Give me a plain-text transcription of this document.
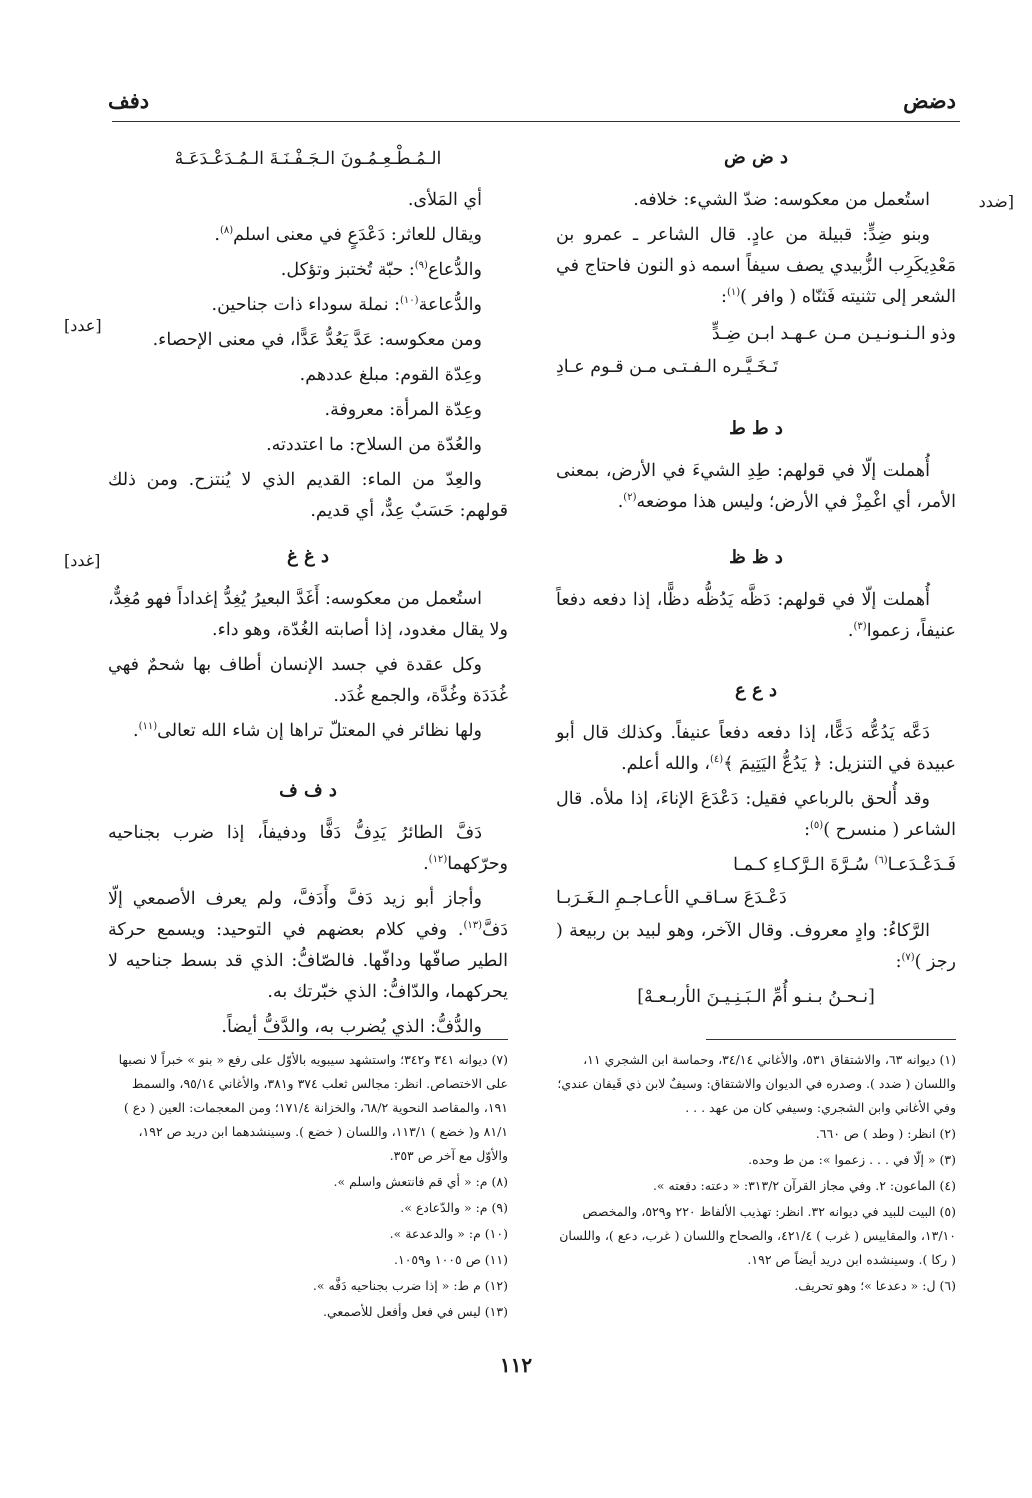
دضض
دفف
[ضدد
[عدد]
[غدد]
د ض ض

استُعمل من معكوسه: ضدّ الشيء: خلافه.

وبنو ضِدٍّ: قبيلة من عادٍ. قال الشاعر ـ عمرو بن مَعْدِيكَرِب الزُّبيدي يصف سيفاً اسمه ذو النون فاحتاج في الشعر إلى تثنيته فَثنّاه ( وافر )$^{(١)}$:

وذو الـنـونـيـن مـن عـهـد ابـن ضِـدٍّ
تَـخَـيَّـره الـفـتـى مـن قـوم عـادِ
د ط ط

أُهملت إلّا في قولهم: طِدِ الشيءَ في الأرض، بمعنى الأمر، أي اغْمِزْ في الأرض؛ وليس هذا موضعه$^{(٢)}$.

د ظ ظ

أُهملت إلّا في قولهم: دَظَّه يَدُظُّه دظًّا، إذا دفعه دفعاً عنيفاً، زعموا$^{(٣)}$.

د ع ع

دَعَّه يَدُعُّه دَعًّا، إذا دفعه دفعاً عنيفاً. وكذلك قال أبو عبيدة في التنزيل: ﴿ يَدُعُّ اليَتِيمَ ﴾$^{(٤)}$، والله أعلم.

وقد أُلحق بالرباعي فقيل: دَعْدَعَ الإناءَ، إذا ملأه. قال الشاعر ( منسرح )$^{(٥)}$:

فَـدَعْـدَعـا$^{(٦)}$ سُـرَّةَ الـرَّكـاءِ كـمـا
دَعْـدَعَ سـاقـي الأعـاجـمِ الـغَـرَبـا

الرَّكاءُ: وادٍ معروف. وقال الآخر، وهو لبيد بن ربيعة ( رجز )$^{(٧)}$:

[نـحـنُ بـنـو أُمِّ الـبَـنِـيـنَ الأربـعـهْ]
الـمُـطْـعِـمُـونَ الـجَـفْـنَـةَ الـمُـدَعْـدَعَـهْ

أي المَلأى.

ويقال للعاثر: دَعْدَعٍ في معنى اسلم$^{(٨)}$.

والدُّعاع$^{(٩)}$: حبّة تُختبز وتؤكل.

والدُّعاعة$^{(١٠)}$: نملة سوداء ذات جناحين.

ومن معكوسه: عَدَّ يَعُدُّ عَدًّا، في معنى الإحصاء.

وعِدّة القوم: مبلغ عددهم.

وعِدّة المرأة: معروفة.

والعُدّة من السلاح: ما اعتددته.

والعِدّ من الماء: القديم الذي لا يُنتزح. ومن ذلك قولهم: حَسَبٌ عِدٌّ، أي قديم.

د غ غ

استُعمل من معكوسه: أَغَدَّ البعيرُ يُغِدُّ إغداداً فهو مُغِدٌّ، ولا يقال مغدود، إذا أصابته الغُدّة، وهو داء.

وكل عقدة في جسد الإنسان أطاف بها شحمٌ فهي غُدَدَة وغُدَّة، والجمع غُدَد.

ولها نظائر في المعتلّ تراها إن شاء الله تعالى$^{(١١)}$.

د ف ف

دَفَّ الطائرُ يَدِفُّ دَفًّا ودفيفاً، إذا ضرب بجناحيه وحرّكهما$^{(١٢)}$.

وأجاز أبو زيد دَفَّ وأَدَفَّ، ولم يعرف الأصمعي إلّا دَفَّ$^{(١٣)}$. وفي كلام بعضهم في التوحيد: ويسمع حركة الطير صافّها ودافّها. فالصّافُّ: الذي قد بسط جناحيه لا يحركهما، والدّافُّ: الذي خبّرتك به.

والدُّفُّ: الذي يُضرب به، والدَّفُّ أيضاً.

(١) ديوانه ٦٣، والاشتقاق ٥٣١، والأغاني ٣٤/١٤، وحماسة ابن الشجري ١١، واللسان ( ضدد ). وصدره في الديوان والاشتقاق: وسيفٌ لابن ذي قَيفان عندي؛ وفي الأغاني وابن الشجري: وسيفي كان من عهد . . .

(٢) انظر: ( وطد ) ص ٦٦٠.

(٣) « إلّا في . . . زعموا »: من ط وحده.

(٤) الماعون: ٢. وفي مجاز القرآن ٣١٣/٢: « دعته: دفعته ».

(٥) البيت للبيد في ديوانه ٣٢. انظر: تهذيب الألفاظ ٢٢٠ و٥٢٩، والمخصص ١٣/١٠، والمقاييس ( غرب ) ٤٢١/٤، والصحاح واللسان ( غرب، دعع )، واللسان ( ركا ). وسينشده ابن دريد أيضاً ص ١٩٢.

(٦) ل: « دعدعا »؛ وهو تحريف.

(٧) ديوانه ٣٤١ و٣٤٢؛ واستشهد سيبويه بالأوّل على رفع « بنو » خبراً لا نصبها على الاختصاص. انظر: مجالس ثعلب ٣٧٤ و٣٨١، والأغاني ٩٥/١٤، والسمط ١٩١، والمقاصد النحوية ٦٨/٢، والخزانة ١٧١/٤؛ ومن المعجمات: العين ( دع ) ٨١/١ و( خضع ) ١١٣/١، واللسان ( خضع ). وسينشدهما ابن دريد ص ١٩٢، والأوّل مع آخر ص ٣٥٣.

(٨) م: « أي قم فانتعش واسلم ».

(٩) م: « والدّعادع ».

(١٠) م: « والدعدعة ».

(١١) ص ١٠٠٥ و١٠٥٩.

(١٢) م ط: « إذا ضرب بجناحيه دَفَّه ».

(١٣) ليس في فعل وأفعل للأصمعي.

١١٢
